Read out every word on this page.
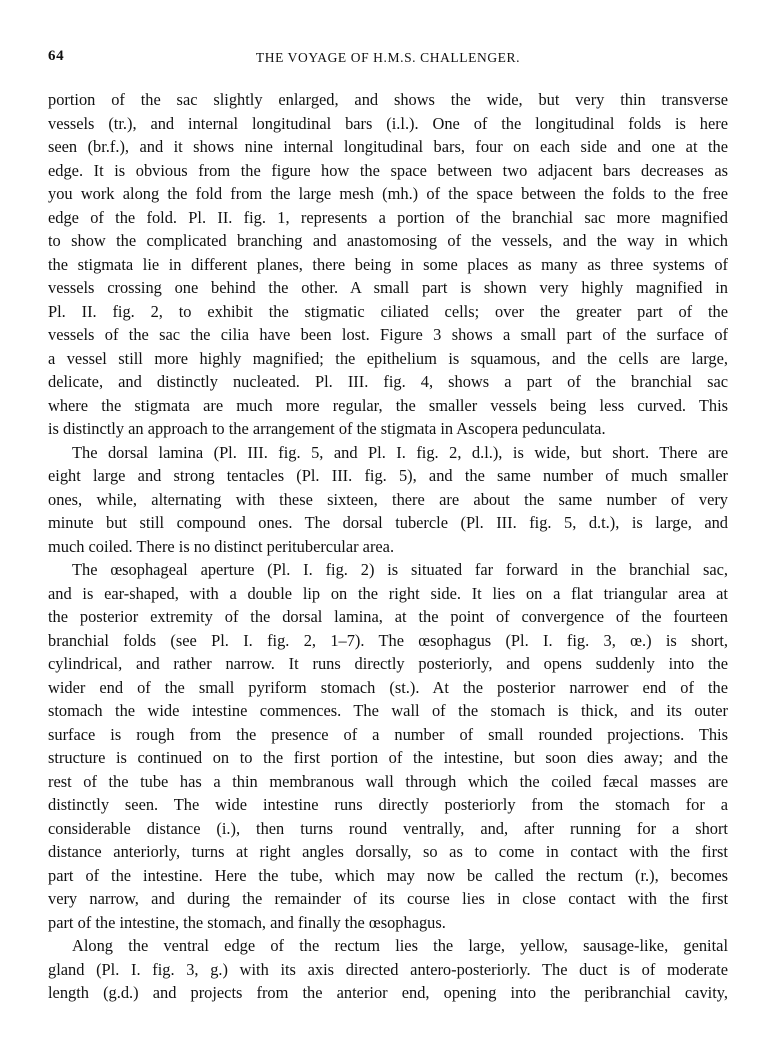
64	THE VOYAGE OF H.M.S. CHALLENGER.
portion of the sac slightly enlarged, and shows the wide, but very thin transverse
vessels (tr.), and internal longitudinal bars (i.l.). One of the longitudinal folds is here
seen (br.f.), and it shows nine internal longitudinal bars, four on each side and one at the
edge. It is obvious from the figure how the space between two adjacent bars decreases as
you work along the fold from the large mesh (mh.) of the space between the folds to the free
edge of the fold. Pl. II. fig. 1, represents a portion of the branchial sac more magnified
to show the complicated branching and anastomosing of the vessels, and the way in which
the stigmata lie in different planes, there being in some places as many as three systems of
vessels crossing one behind the other. A small part is shown very highly magnified in
Pl. II. fig. 2, to exhibit the stigmatic ciliated cells; over the greater part of the
vessels of the sac the cilia have been lost. Figure 3 shows a small part of the surface of
a vessel still more highly magnified; the epithelium is squamous, and the cells are large,
delicate, and distinctly nucleated. Pl. III. fig. 4, shows a part of the branchial sac
where the stigmata are much more regular, the smaller vessels being less curved. This
is distinctly an approach to the arrangement of the stigmata in Ascopera pedunculata.
The dorsal lamina (Pl. III. fig. 5, and Pl. I. fig. 2, d.l.), is wide, but short. There are
eight large and strong tentacles (Pl. III. fig. 5), and the same number of much smaller
ones, while, alternating with these sixteen, there are about the same number of very
minute but still compound ones. The dorsal tubercle (Pl. III. fig. 5, d.t.), is large, and
much coiled. There is no distinct peritubercular area.
The œsophageal aperture (Pl. I. fig. 2) is situated far forward in the branchial sac,
and is ear-shaped, with a double lip on the right side. It lies on a flat triangular area at
the posterior extremity of the dorsal lamina, at the point of convergence of the fourteen
branchial folds (see Pl. I. fig. 2, 1–7). The œsophagus (Pl. I. fig. 3, œ.) is short,
cylindrical, and rather narrow. It runs directly posteriorly, and opens suddenly into the
wider end of the small pyriform stomach (st.). At the posterior narrower end of the
stomach the wide intestine commences. The wall of the stomach is thick, and its outer
surface is rough from the presence of a number of small rounded projections. This
structure is continued on to the first portion of the intestine, but soon dies away; and the
rest of the tube has a thin membranous wall through which the coiled fæcal masses are
distinctly seen. The wide intestine runs directly posteriorly from the stomach for a
considerable distance (i.), then turns round ventrally, and, after running for a short
distance anteriorly, turns at right angles dorsally, so as to come in contact with the first
part of the intestine. Here the tube, which may now be called the rectum (r.), becomes
very narrow, and during the remainder of its course lies in close contact with the first
part of the intestine, the stomach, and finally the œsophagus.
Along the ventral edge of the rectum lies the large, yellow, sausage-like, genital
gland (Pl. I. fig. 3, g.) with its axis directed antero-posteriorly. The duct is of moderate
length (g.d.) and projects from the anterior end, opening into the peribranchial cavity,
